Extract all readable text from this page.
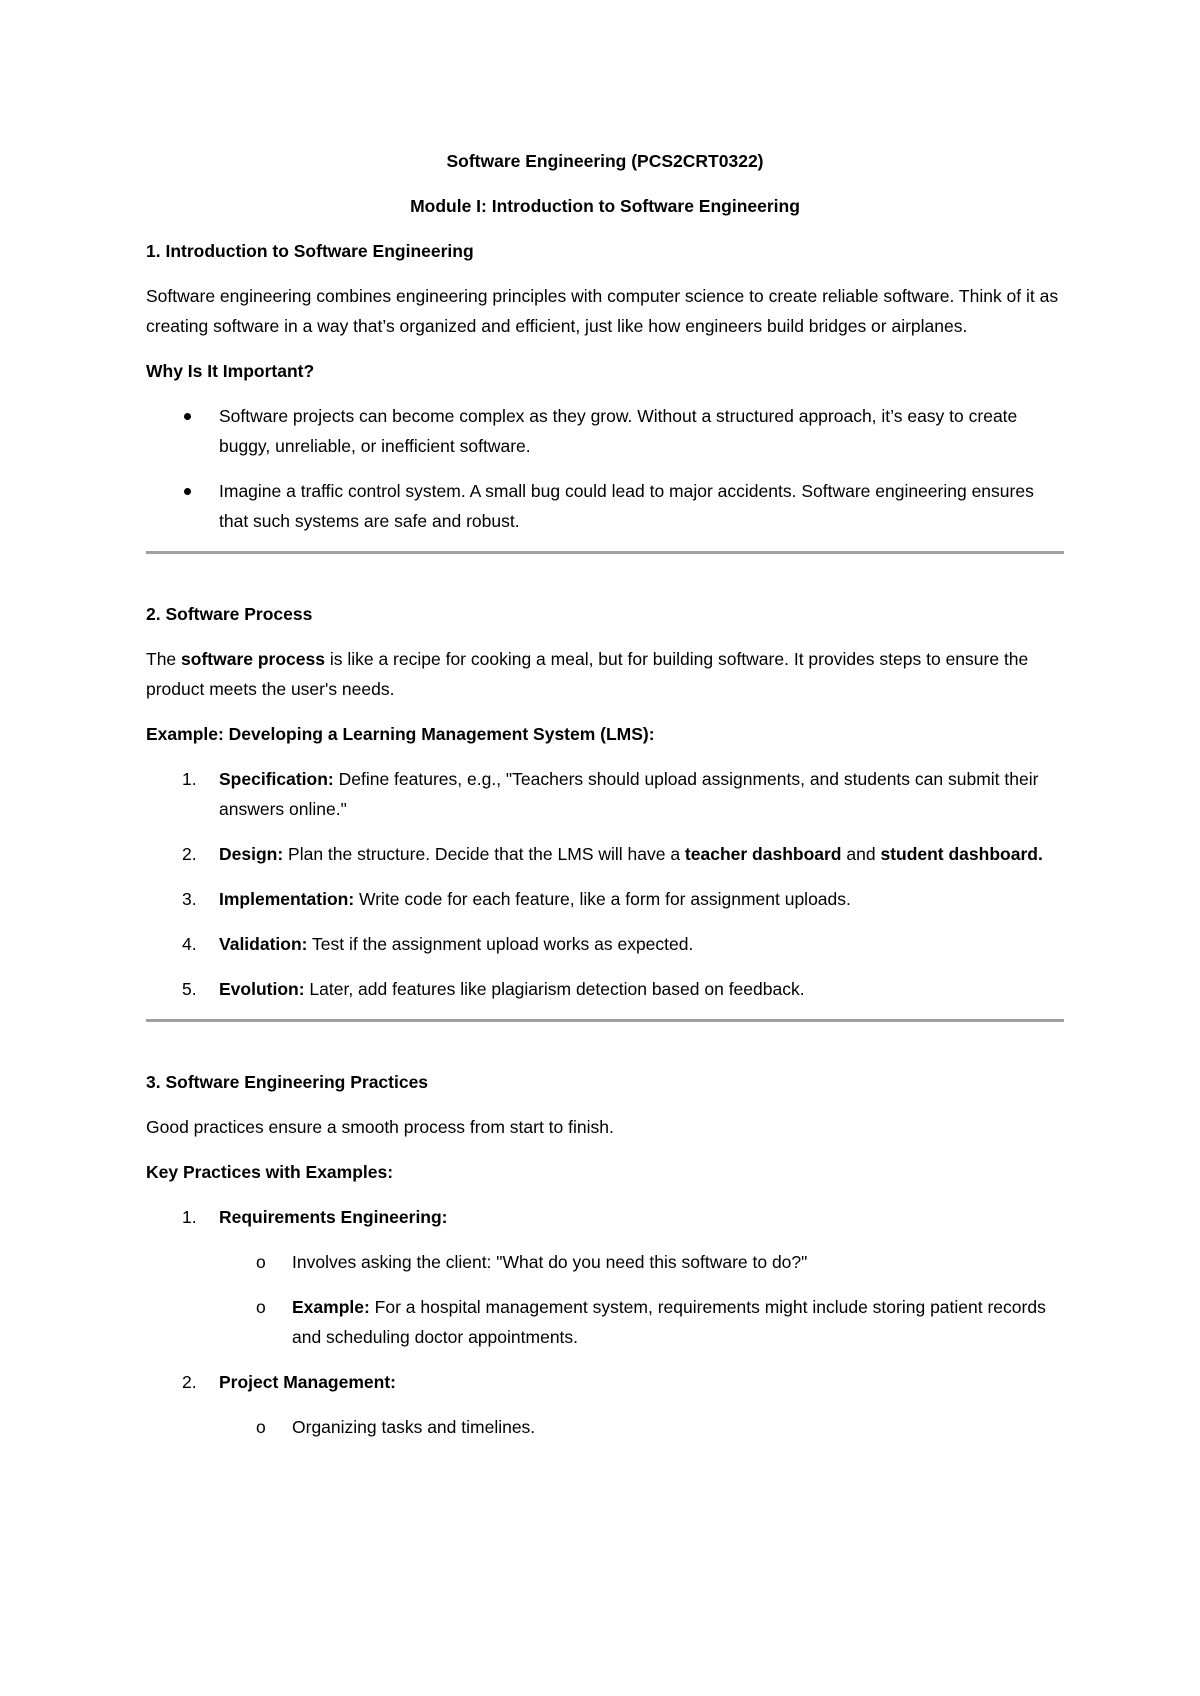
Software Engineering (PCS2CRT0322)
Module I: Introduction to Software Engineering
1. Introduction to Software Engineering

Software engineering combines engineering principles with computer science to create reliable software. Think of it as creating software in a way that’s organized and efficient, just like how engineers build bridges or airplanes.

Why Is It Important?
Software projects can become complex as they grow. Without a structured approach, it’s easy to create buggy, unreliable, or inefficient software.
Imagine a traffic control system. A small bug could lead to major accidents. Software engineering ensures that such systems are safe and robust.
2. Software Process

The software process is like a recipe for cooking a meal, but for building software. It provides steps to ensure the product meets the user's needs.

Example: Developing a Learning Management System (LMS):
1. Specification: Define features, e.g., "Teachers should upload assignments, and students can submit their answers online."
2. Design: Plan the structure. Decide that the LMS will have a teacher dashboard and student dashboard.
3. Implementation: Write code for each feature, like a form for assignment uploads.
4. Validation: Test if the assignment upload works as expected.
5. Evolution: Later, add features like plagiarism detection based on feedback.
3. Software Engineering Practices

Good practices ensure a smooth process from start to finish.

Key Practices with Examples:
1. Requirements Engineering:
o Involves asking the client: "What do you need this software to do?"
o Example: For a hospital management system, requirements might include storing patient records and scheduling doctor appointments.
2. Project Management:
o Organizing tasks and timelines.
